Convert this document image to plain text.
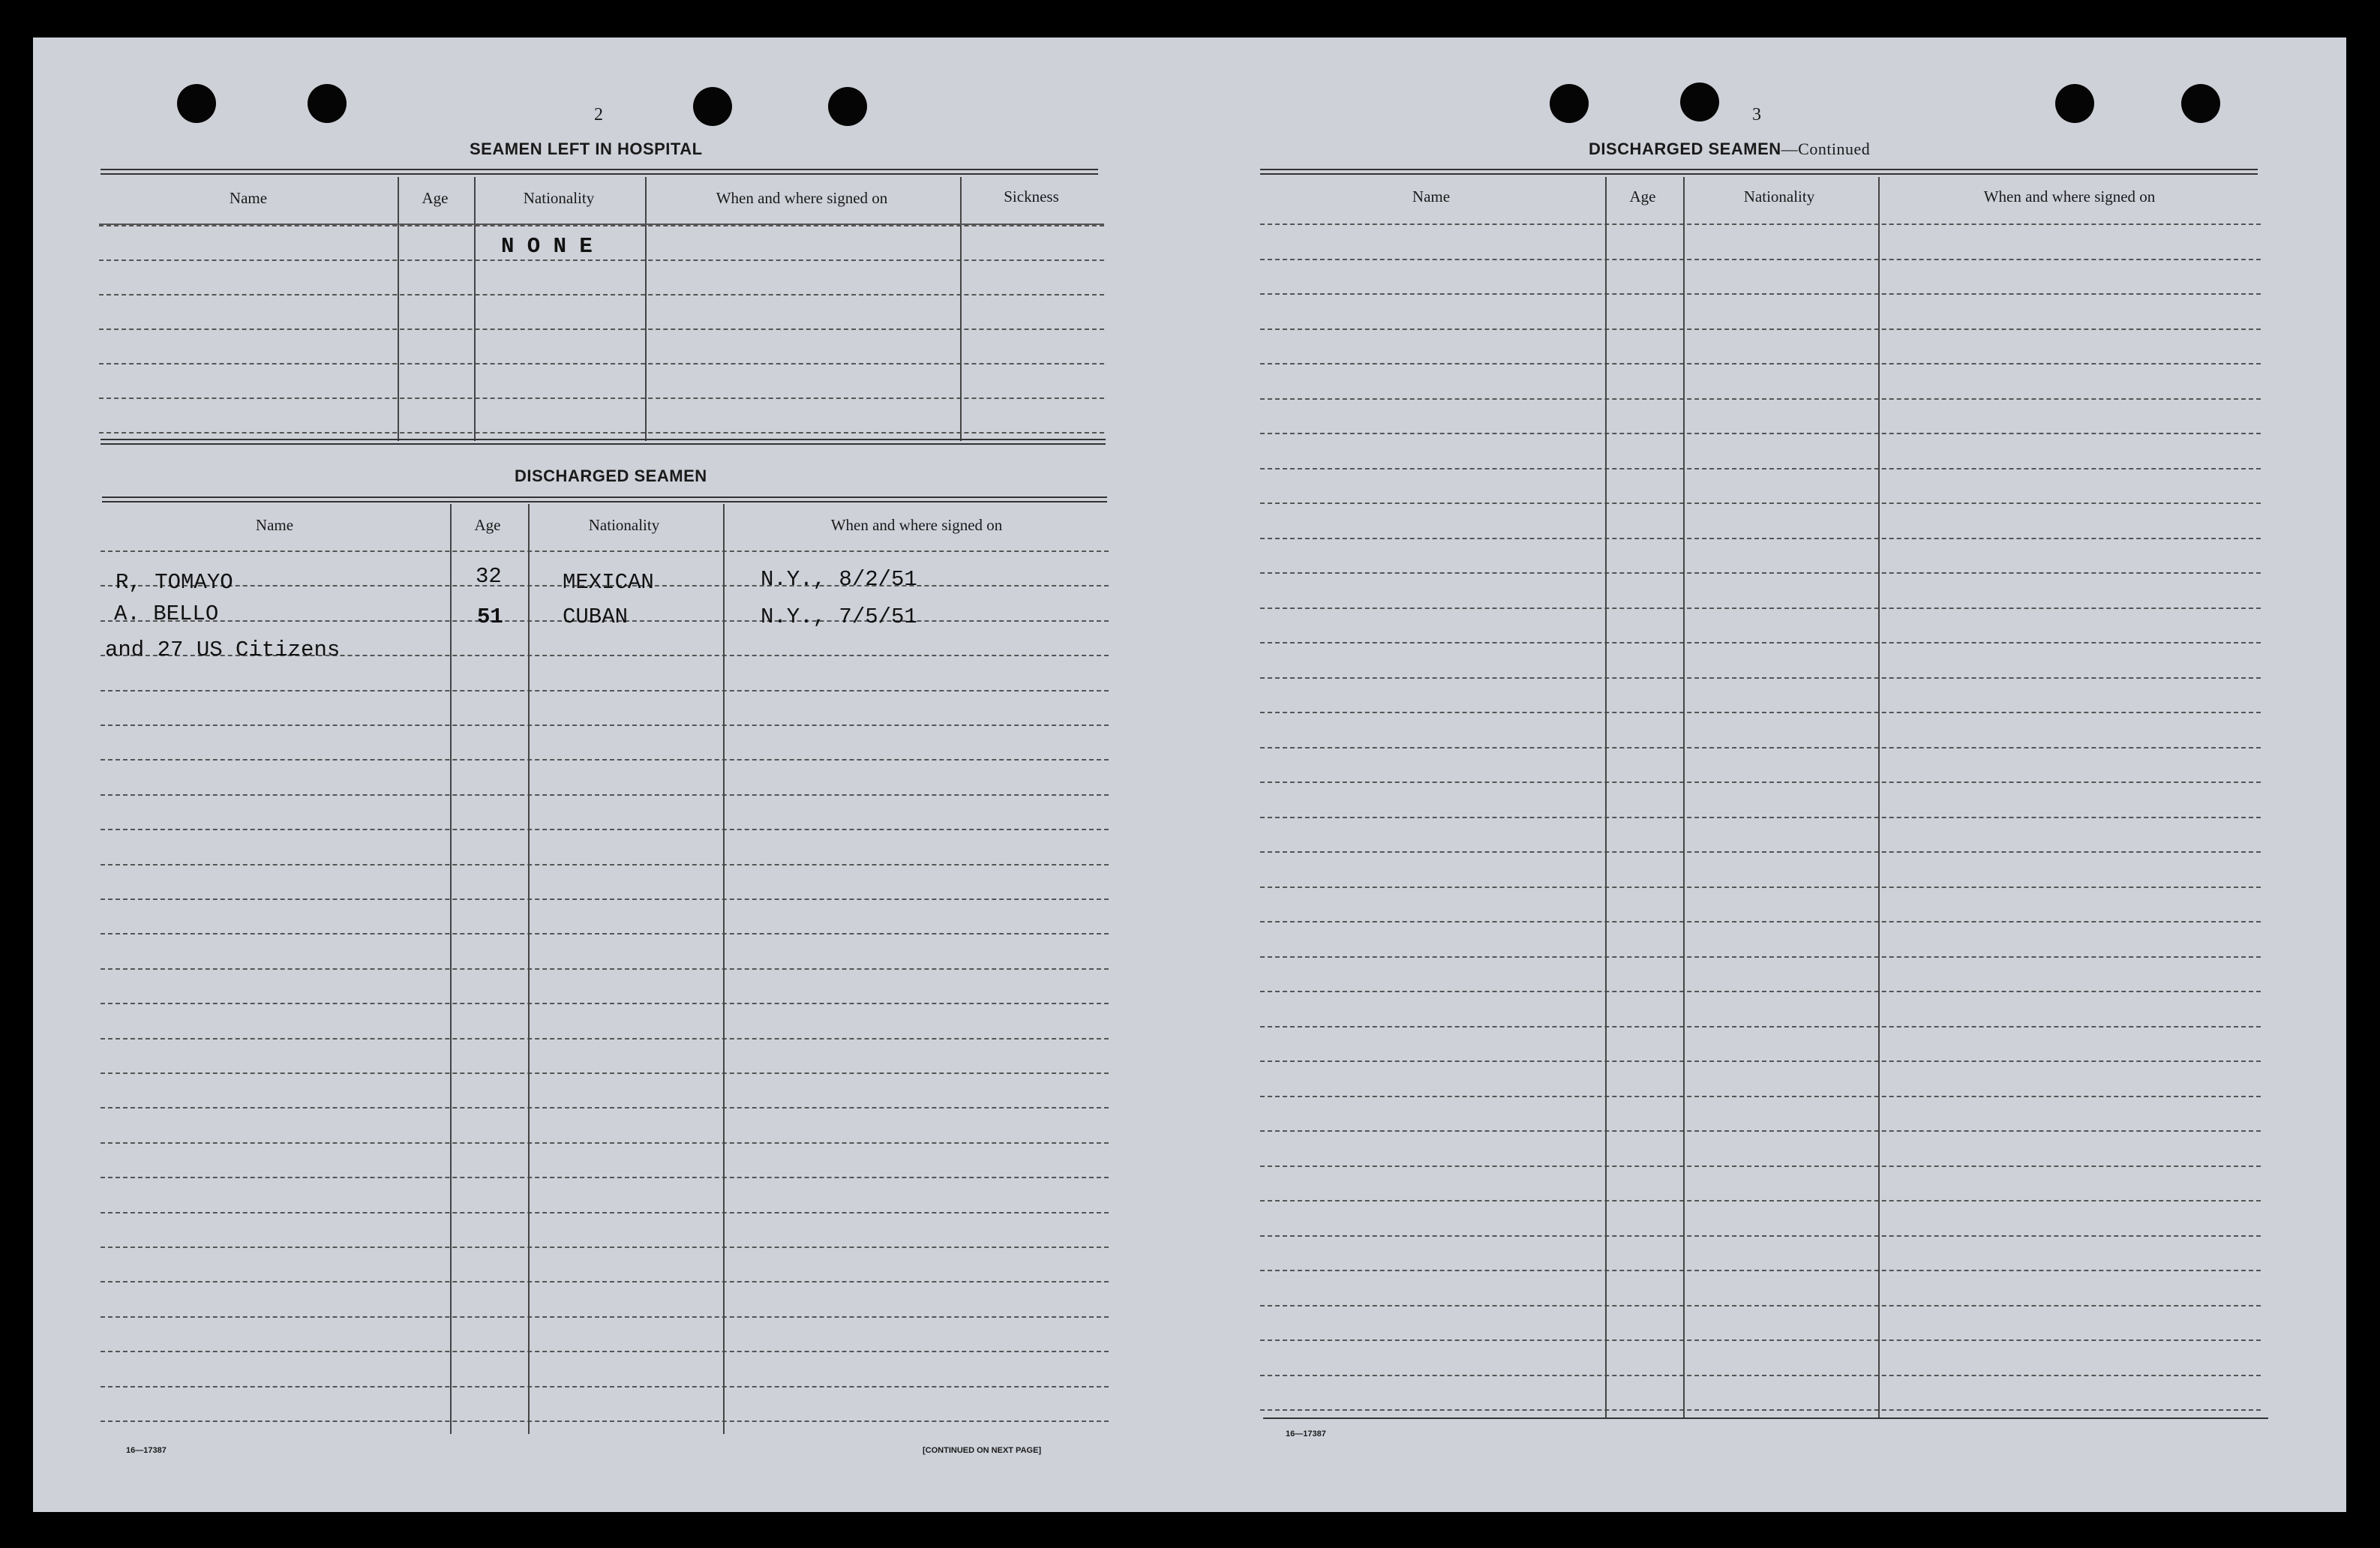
2
SEAMEN LEFT IN HOSPITAL
Name	Age	Nationality	When and where signed on	Sickness
N O N E
DISCHARGED SEAMEN
Name	Age	Nationality	When and where signed on
R, TOMAYO	32	MEXICAN	N.Y., 8/2/51
A. BELLO	51	CUBAN	N.Y., 7/5/51
and 27 US Citizens
16—17387	[CONTINUED ON NEXT PAGE]
3
DISCHARGED SEAMEN—Continued
Name	Age	Nationality	When and where signed on
16—17387
